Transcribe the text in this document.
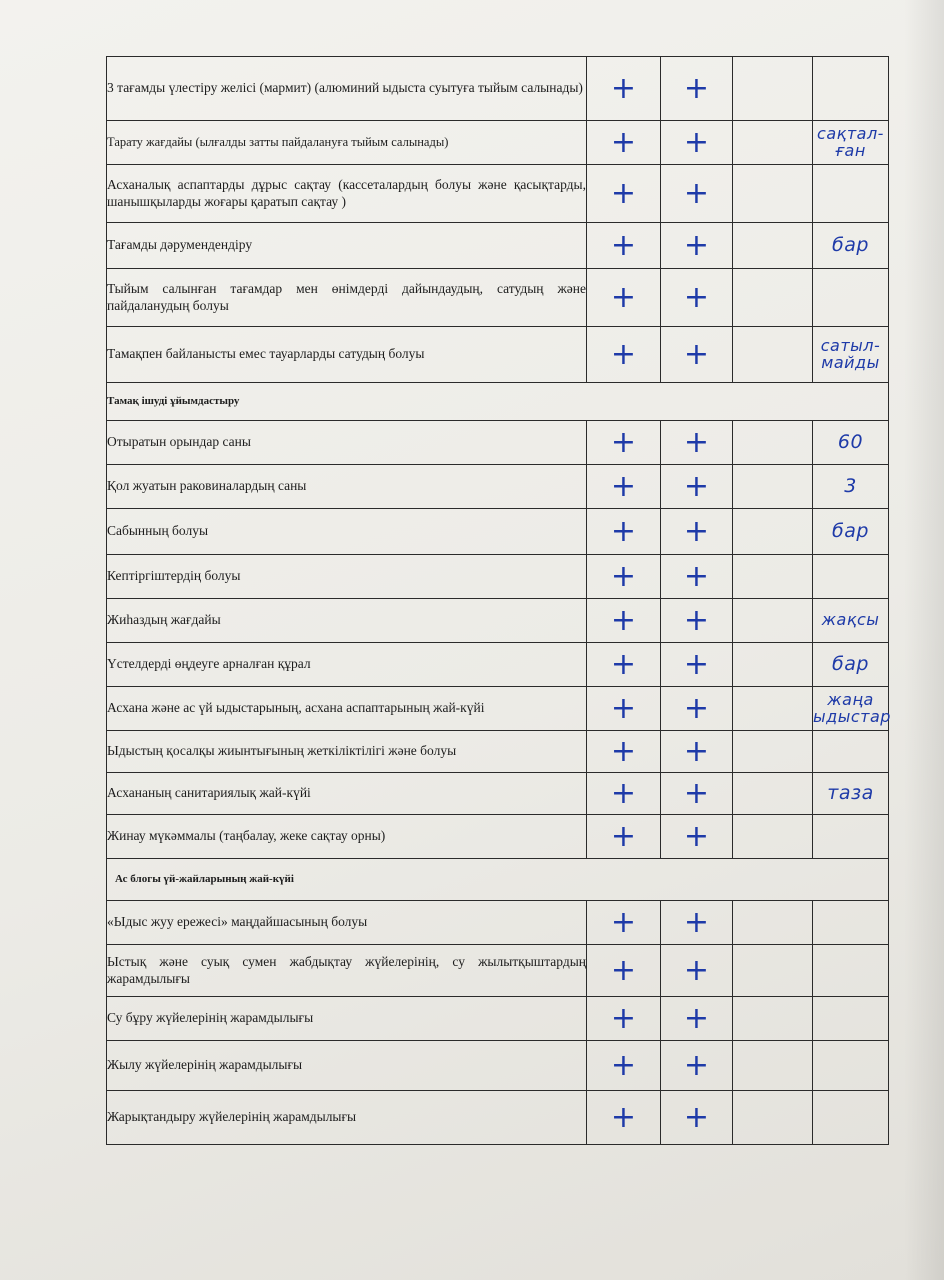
3 тағамды үлестіру желісі (мармит) (алюминий ыдыста суытуға тыйым салынады)	+	+		

Тарату жағдайы (ылғалды затты пайдалануға тыйым салынады)	+	+		сақтал-ған

Асханалық аспаптарды дұрыс сақтау (кассеталардың болуы және қасықтарды, шанышқыларды жоғары қаратып сақтау )	+	+		

Тағамды дәрумендендіру	+	+		бар

Тыйым салынған тағамдар мен өнімдерді дайындаудың, сатудың және пайдаланудың болуы	+	+		

Тамақпен байланысты емес тауарларды сатудың болуы	+	+		сатыл-майды

Тамақ ішуді ұйымдастыру				
Отыратын орындар саны	+	+		60

Қол жуатын раковиналардың саны	+	+		3

Сабынның болуы	+	+		бар

Кептіргіштердің болуы	+	+		

Жиһаздың жағдайы	+	+		жақсы

Үстелдерді өңдеуге арналған құрал	+	+		бар

Асхана және ас үй ыдыстарының, асхана аспаптарының жай-күйі	+	+		жаңа ыдыстар

Ыдыстың қосалқы жиынтығының жеткіліктілігі және болуы	+	+		

Асхананың санитариялық жай-күйі	+	+		таза

Жинау мүкәммалы (таңбалау, жеке сақтау орны)	+	+		

Ас блогы үй-жайларының жай-күйі				
«Ыдыс жуу ережесі» маңдайшасының болуы	+	+		

Ыстық және суық сумен жабдықтау жүйелерінің, су жылытқыштардың жарамдылығы	+	+		

Су бұру жүйелерінің жарамдылығы	+	+		

Жылу жүйелерінің жарамдылығы	+	+		

Жарықтандыру жүйелерінің жарамдылығы	+	+		
